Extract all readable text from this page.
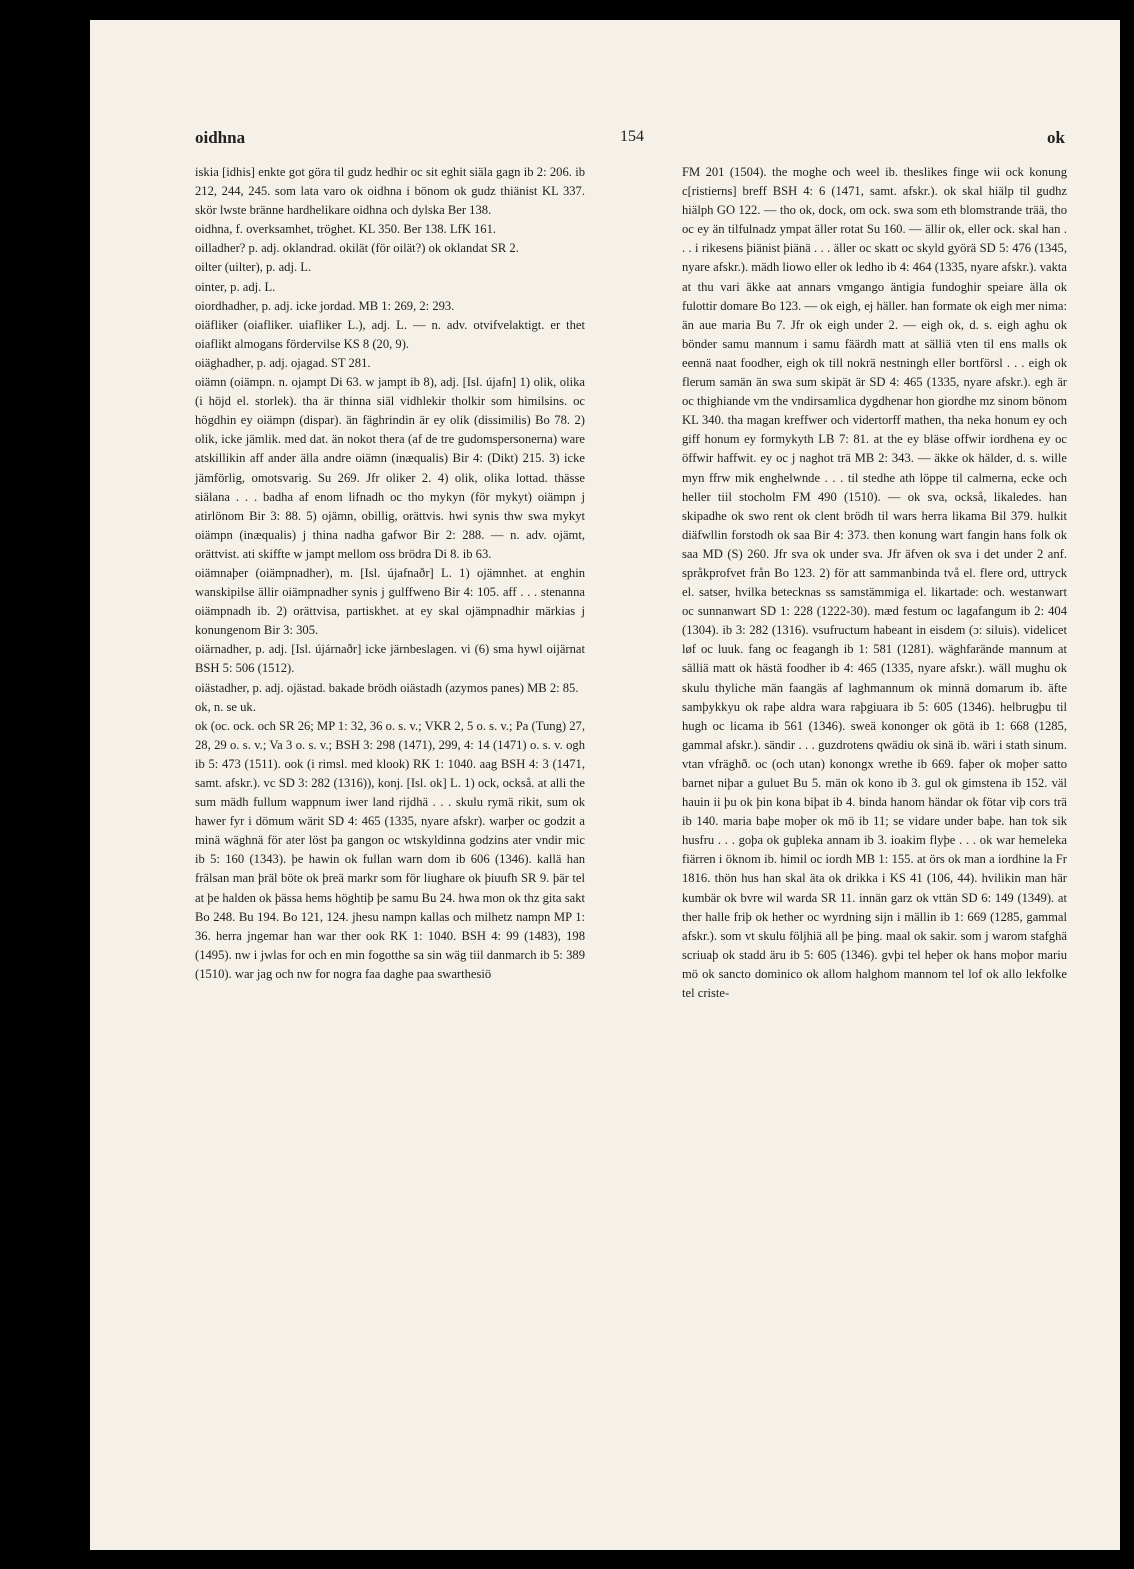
oidhna	154	ok

iskia [idhis] enkte got göra til gudz hedhir oc sit eghit siäla gagn ib 2: 206. ib 212, 244, 245. som lata varo ok oidhna i bönom ok gudz thiänist KL 337. skör lwste bränne hardhelikare oidhna och dylska Ber 138.

oidhna, f. overksamhet, tröghet. KL 350. Ber 138. LfK 161.

oilladher? p. adj. oklandrad. okilät (för oilät?) ok oklandat SR 2.

oilter (uilter), p. adj. L.

ointer, p. adj. L.

oiordhadher, p. adj. icke jordad. MB 1: 269, 2: 293.

oiäfliker (oiafliker. uiafliker L.), adj. L. — n. adv. otvifvelaktigt. er thet oiaflikt almogans fördervilse KS 8 (20, 9).

oiäghadher, p. adj. ojagad. ST 281.

oiämn (oiämpn. n. ojampt Di 63. w jampt ib 8), adj. [Isl. újafn] 1) olik, olika (i höjd el. storlek). tha är thinna siäl vidhlekir tholkir som himilsins. oc högdhin ey oiämpn (dispar). än fäghrindin är ey olik (dissimilis) Bo 78. 2) olik, icke jämlik. med dat. än nokot thera (af de tre gudomspersonerna) ware atskillikin aff ander älla andre oiämn (inæqualis) Bir 4: (Dikt) 215. 3) icke jämförlig, omotsvarig. Su 269. Jfr oliker 2. 4) olik, olika lottad. thässe siälana . . . badha af enom lifnadh oc tho mykyn (för mykyt) oiämpn j atirlönom Bir 3: 88. 5) ojämn, obillig, orättvis. hwi synis thw swa mykyt oiämpn (inæqualis) j thina nadha gafwor Bir 2: 288. — n. adv. ojämt, orättvist. ati skiffte w jampt mellom oss brödra Di 8. ib 63.

oiämnaþer (oiämpnadher), m. [Isl. újafnaðr] L. 1) ojämnhet. at enghin wanskipilse ällir oiämpnadher synis j gulffweno Bir 4: 105. aff . . . stenanna oiämpnadh ib. 2) orättvisa, partiskhet. at ey skal ojämpnadhir märkias j konungenom Bir 3: 305.

oiärnadher, p. adj. [Isl. újárnaðr] icke järnbeslagen. vi (6) sma hywl oijärnat BSH 5: 506 (1512).

oiästadher, p. adj. ojästad. bakade brödh oiästadh (azymos panes) MB 2: 85.

ok, n. se uk.

ok (oc. ock. och SR 26; MP 1: 32, 36 o. s. v.; VKR 2, 5 o. s. v.; Pa (Tung) 27, 28, 29 o. s. v.; Va 3 o. s. v.; BSH 3: 298 (1471), 299, 4: 14 (1471) o. s. v. ogh ib 5: 473 (1511). ook (i rimsl. med klook) RK 1: 1040. aag BSH 4: 3 (1471, samt. afskr.). vc SD 3: 282 (1316)), konj. [Isl. ok] L. 1) ock, också. at alli the sum mädh fullum wappnum iwer land rijdhä . . . skulu rymä rikit, sum ok hawer fyr i dömum wärit SD 4: 465 (1335, nyare afskr). warþer oc godzit a minä wäghnä för ater löst þa gangon oc wtskyldinna godzins ater vndir mic ib 5: 160 (1343). þe hawin ok fullan warn dom ib 606 (1346). kallä han frälsan man þräl böte ok þreä markr som för liughare ok þiuufh SR 9. þär tel at þe halden ok þässa hems höghtiþ þe samu Bu 24. hwa mon ok thz gita sakt Bo 248. Bu 194. Bo 121, 124. jhesu nampn kallas och milhetz nampn MP 1: 36. herra jngemar han war ther ook RK 1: 1040. BSH 4: 99 (1483), 198 (1495). nw i jwlas for och en min fogotthe sa sin wäg tiil danmarch ib 5: 389 (1510). war jag och nw for nogra faa daghe paa swarthesiö

FM 201 (1504). the moghe och weel ib. theslikes finge wii ock konung c[ristierns] breff BSH 4: 6 (1471, samt. afskr.). ok skal hiälp til gudhz hiälph GO 122. — tho ok, dock, om ock. swa som eth blomstrande trää, tho oc ey än tilfulnadz ympat äller rotat Su 160. — ällir ok, eller ock. skal han . . . i rikesens þiänist þiänä . . . äller oc skatt oc skyld györä SD 5: 476 (1345, nyare afskr.). mädh liowo eller ok ledho ib 4: 464 (1335, nyare afskr.). vakta at thu vari äkke aat annars vmgango äntigia fundoghir speiare älla ok fulottir domare Bo 123. — ok eigh, ej häller. han formate ok eigh mer nima: än aue maria Bu 7. Jfr ok eigh under 2. — eigh ok, d. s. eigh aghu ok bönder samu mannum i samu fäärdh matt at sälliä vten til ens malls ok eennä naat foodher, eigh ok till nokrä nestningh eller bortförsl . . . eigh ok flerum samän än swa sum skipät är SD 4: 465 (1335, nyare afskr.). egh är oc thighiande vm the vndirsamlica dygdhenar hon giordhe mz sinom bönom KL 340. tha magan kreffwer och vidertorff mathen, tha neka honum ey och giff honum ey formykyth LB 7: 81. at the ey bläse offwir iordhena ey oc öffwir haffwit. ey oc j naghot trä MB 2: 343. — äkke ok hälder, d. s. wille myn ffrw mik enghelwnde . . . til stedhe ath löppe til calmerna, ecke och heller tiil stocholm FM 490 (1510). — ok sva, också, likaledes. han skipadhe ok swo rent ok clent brödh til wars herra likama Bil 379. hulkit diäfwllin forstodh ok saa Bir 4: 373. then konung wart fangin hans folk ok saa MD (S) 260. Jfr sva ok under sva. Jfr äfven ok sva i det under 2 anf. språkprofvet från Bo 123. 2) för att sammanbinda två el. flere ord, uttryck el. satser, hvilka betecknas ss samstämmiga el. likartade: och. westanwart oc sunnanwart SD 1: 228 (1222-30). mæd festum oc lagafangum ib 2: 404 (1304). ib 3: 282 (1316). vsufructum habeant in eisdem (ɔ: siluis). videlicet løf oc luuk. fang oc feagangh ib 1: 581 (1281). wäghfarände mannum at sälliä matt ok hästä foodher ib 4: 465 (1335, nyare afskr.). wäll mughu ok skulu thyliche män faangäs af laghmannum ok minnä domarum ib. äfte samþykkyu ok raþe aldra wara raþgiuara ib 5: 605 (1346). helbrugþu til hugh oc licama ib 561 (1346). sweä kononger ok götä ib 1: 668 (1285, gammal afskr.). sändir . . . guzdrotens qwädiu ok sinä ib. wäri i stath sinum. vtan vfräghð. oc (och utan) konongx wrethe ib 669. faþer ok moþer satto barnet niþar a guluet Bu 5. män ok kono ib 3. gul ok gimstena ib 152. väl hauin ii þu ok þin kona biþat ib 4. binda hanom händar ok fötar viþ cors trä ib 140. maria baþe moþer ok mö ib 11; se vidare under baþe. han tok sik husfru . . . goþa ok guþleka annam ib 3. ioakim flyþe . . . ok war hemeleka fiärren i öknom ib. himil oc iordh MB 1: 155. at örs ok man a iordhine la Fr 1816. thön hus han skal äta ok drikka i KS 41 (106, 44). hvilikin man här kumbär ok bvre wil warda SR 11. innän garz ok vttän SD 6: 149 (1349). at ther halle friþ ok hether oc wyrdning sijn i mällin ib 1: 669 (1285, gammal afskr.). som vt skulu följhiä all þe þing. maal ok sakir. som j warom stafghä scriuaþ ok stadd äru ib 5: 605 (1346). gvþi tel heþer ok hans moþor mariu mö ok sancto dominico ok allom halghom mannom tel lof ok allo lekfolke tel criste-
